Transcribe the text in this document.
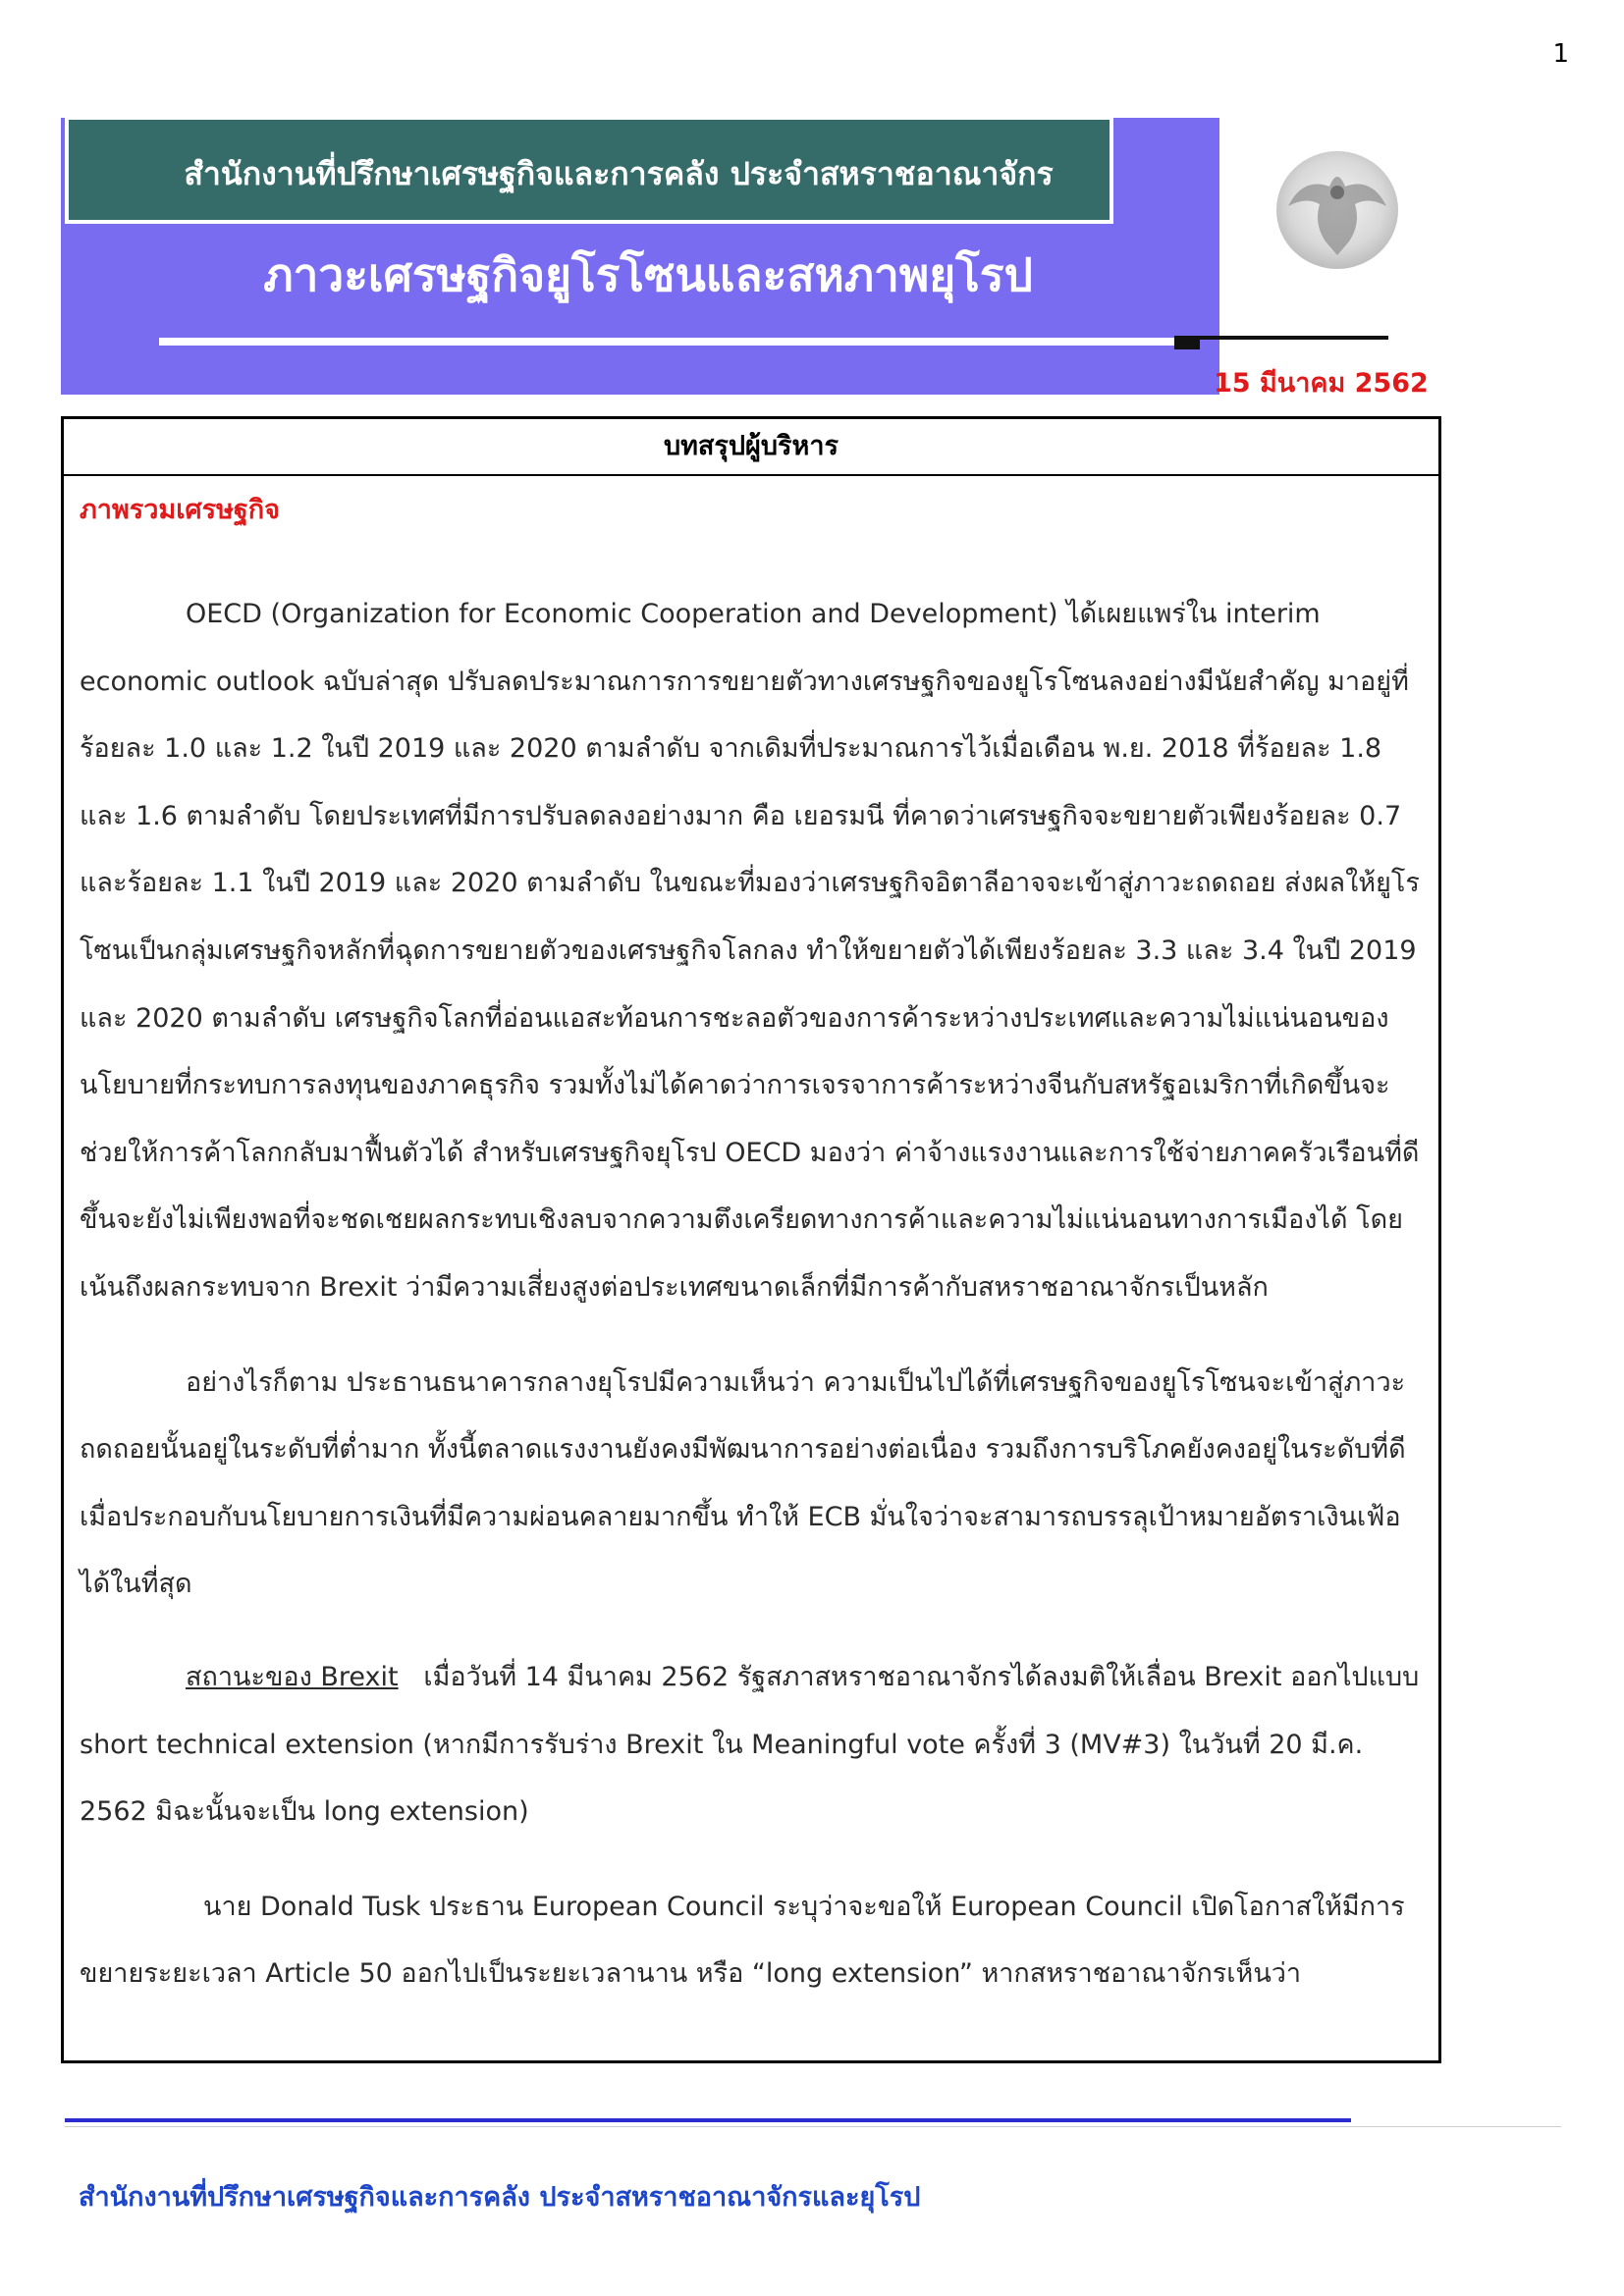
1
สำนักงานที่ปรึกษาเศรษฐกิจและการคลัง ประจำสหราชอาณาจักร
ภาวะเศรษฐกิจยูโรโซนและสหภาพยุโรป
15 มีนาคม 2562
บทสรุปผู้บริหาร
ภาพรวมเศรษฐกิจ

OECD (Organization for Economic Cooperation and Development) ได้เผยแพร่ใน interim economic outlook ฉบับล่าสุด ปรับลดประมาณการการขยายตัวทางเศรษฐกิจของยูโรโซนลงอย่างมีนัยสำคัญ มาอยู่ที่ร้อยละ 1.0 และ 1.2 ในปี 2019 และ 2020 ตามลำดับ จากเดิมที่ประมาณการไว้เมื่อเดือน พ.ย. 2018 ที่ร้อยละ 1.8 และ 1.6 ตามลำดับ โดยประเทศที่มีการปรับลดลงอย่างมาก คือ เยอรมนี ที่คาดว่าเศรษฐกิจจะขยายตัวเพียงร้อยละ 0.7 และร้อยละ 1.1 ในปี 2019 และ 2020 ตามลำดับ ในขณะที่มองว่าเศรษฐกิจอิตาลีอาจจะเข้าสู่ภาวะถดถอย ส่งผลให้ยูโรโซนเป็นกลุ่มเศรษฐกิจหลักที่ฉุดการขยายตัวของเศรษฐกิจโลกลง ทำให้ขยายตัวได้เพียงร้อยละ 3.3 และ 3.4 ในปี 2019 และ 2020 ตามลำดับ เศรษฐกิจโลกที่อ่อนแอสะท้อนการชะลอตัวของการค้าระหว่างประเทศและความไม่แน่นอนของนโยบายที่กระทบการลงทุนของภาคธุรกิจ รวมทั้งไม่ได้คาดว่าการเจรจาการค้าระหว่างจีนกับสหรัฐอเมริกาที่เกิดขึ้นจะช่วยให้การค้าโลกกลับมาฟื้นตัวได้ สำหรับเศรษฐกิจยุโรป OECD มองว่า ค่าจ้างแรงงานและการใช้จ่ายภาคครัวเรือนที่ดีขึ้นจะยังไม่เพียงพอที่จะชดเชยผลกระทบเชิงลบจากความตึงเครียดทางการค้าและความไม่แน่นอนทางการเมืองได้ โดยเน้นถึงผลกระทบจาก Brexit ว่ามีความเสี่ยงสูงต่อประเทศขนาดเล็กที่มีการค้ากับสหราชอาณาจักรเป็นหลัก

อย่างไรก็ตาม ประธานธนาคารกลางยุโรปมีความเห็นว่า ความเป็นไปได้ที่เศรษฐกิจของยูโรโซนจะเข้าสู่ภาวะถดถอยนั้นอยู่ในระดับที่ต่ำมาก ทั้งนี้ตลาดแรงงานยังคงมีพัฒนาการอย่างต่อเนื่อง รวมถึงการบริโภคยังคงอยู่ในระดับที่ดี เมื่อประกอบกับนโยบายการเงินที่มีความผ่อนคลายมากขึ้น ทำให้ ECB มั่นใจว่าจะสามารถบรรลุเป้าหมายอัตราเงินเฟ้อได้ในที่สุด

สถานะของ Brexit เมื่อวันที่ 14 มีนาคม 2562 รัฐสภาสหราชอาณาจักรได้ลงมติให้เลื่อน Brexit ออกไปแบบ short technical extension (หากมีการรับร่าง Brexit ใน Meaningful vote ครั้งที่ 3 (MV#3) ในวันที่ 20 มี.ค. 2562 มิฉะนั้นจะเป็น long extension)

นาย Donald Tusk ประธาน European Council ระบุว่าจะขอให้ European Council เปิดโอกาสให้มีการขยายระยะเวลา Article 50 ออกไปเป็นระยะเวลานาน หรือ “long extension” หากสหราชอาณาจักรเห็นว่า

สำนักงานที่ปรึกษาเศรษฐกิจและการคลัง ประจำสหราชอาณาจักรและยุโรป
